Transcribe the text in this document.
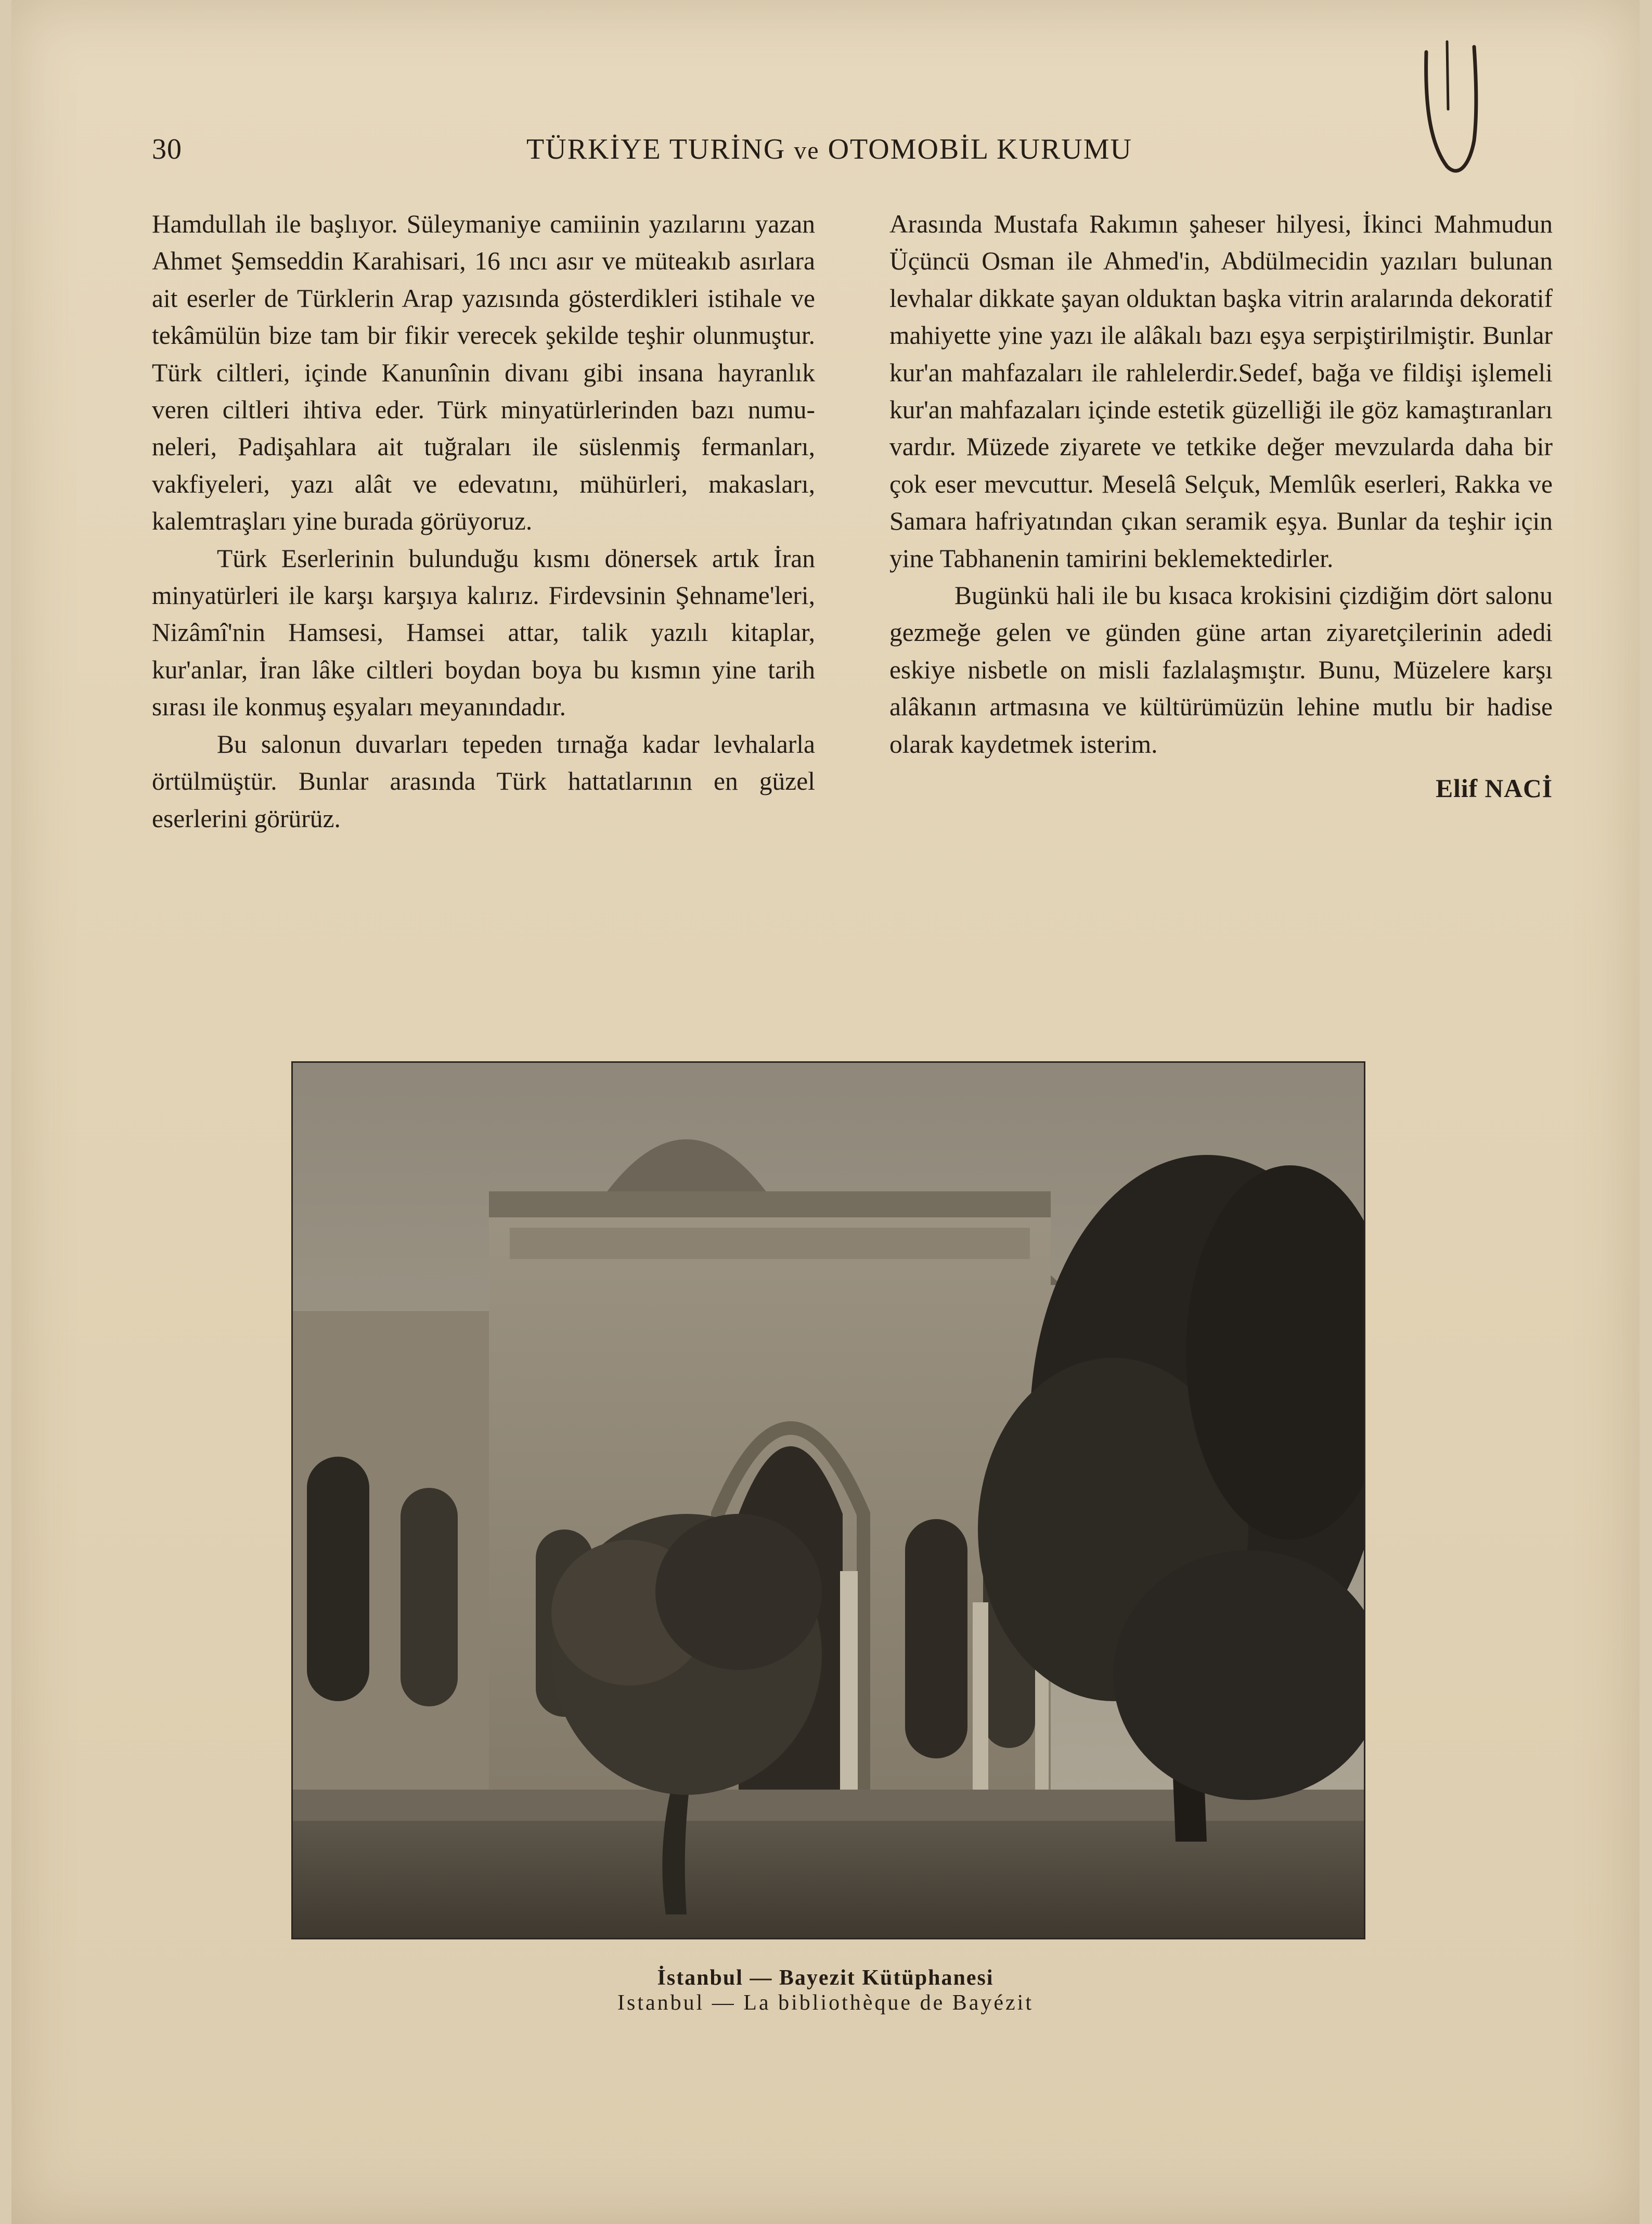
30	TÜRKİYE TURİNG ve OTOMOBİL KURUMU

Hamdullah ile başlıyor. Süleymaniye camiinin yazılarını yazan Ahmet Şemseddin Karahisari, 16 ıncı asır ve müteakıb asırlara ait eserler de Türklerin Arap yazısında gösterdikleri istihale ve tekâmülün bize tam bir fikir verecek şekilde teşhir olunmuştur. Türk ciltleri, içinde Kanunînin divanı gibi insana hayranlık veren ciltleri ihtiva eder. Türk minyatürlerinden bazı numuneleri, Padişahlara ait tuğraları ile süslenmiş fermanları, vakfiyeleri, yazı alât ve edevatını, mühürleri, makasları, kalemtraşları yine burada görüyoruz.

Türk Eserlerinin bulunduğu kısmı dönersek artık İran minyatürleri ile karşı karşıya kalırız. Firdevsinin Şehname'leri, Nizâmî'nin Hamsesi, Hamsei attar, talik yazılı kitaplar, kur'anlar, İran lâke ciltleri boydan boya bu kısmın yine tarih sırası ile konmuş eşyaları meyanındadır.

Bu salonun duvarları tepeden tırnağa kadar levhalarla örtülmüştür. Bunlar arasında Türk hattatlarının en güzel eserlerini görürüz.

Arasında Mustafa Rakımın şaheser hilyesi, İkinci Mahmudun Üçüncü Osman ile Ahmed'in, Abdülmecidin yazıları bulunan levhalar dikkate şayan olduktan başka vitrin aralarında dekoratif mahiyette yine yazı ile alâkalı bazı eşya serpiştirilmiştir. Bunlar kur'an mahfazaları ile rahlelerdir.Sedef, bağa ve fildişi işlemeli kur'an mahfazaları içinde estetik güzelliği ile göz kamaştıranları vardır. Müzede ziyarete ve tetkike değer mevzularda daha bir çok eser mevcuttur. Meselâ Selçuk, Memlûk eserleri, Rakka ve Samara hafriyatından çıkan seramik eşya. Bunlar da teşhir için yine Tabhanenin tamirini beklemektedirler.

Bugünkü hali ile bu kısaca krokisini çizdiğim dört salonu gezmeğe gelen ve günden güne artan ziyaretçilerinin adedi eskiye nisbetle on misli fazlalaşmıştır. Bunu, Müzelere karşı alâkanın artmasına ve kültürümüzün lehine mutlu bir hadise olarak kaydetmek isterim.

Elif NACİ
İstanbul — Bayezit Kütüphanesi
Istanbul — La bibliothèque de Bayézit
